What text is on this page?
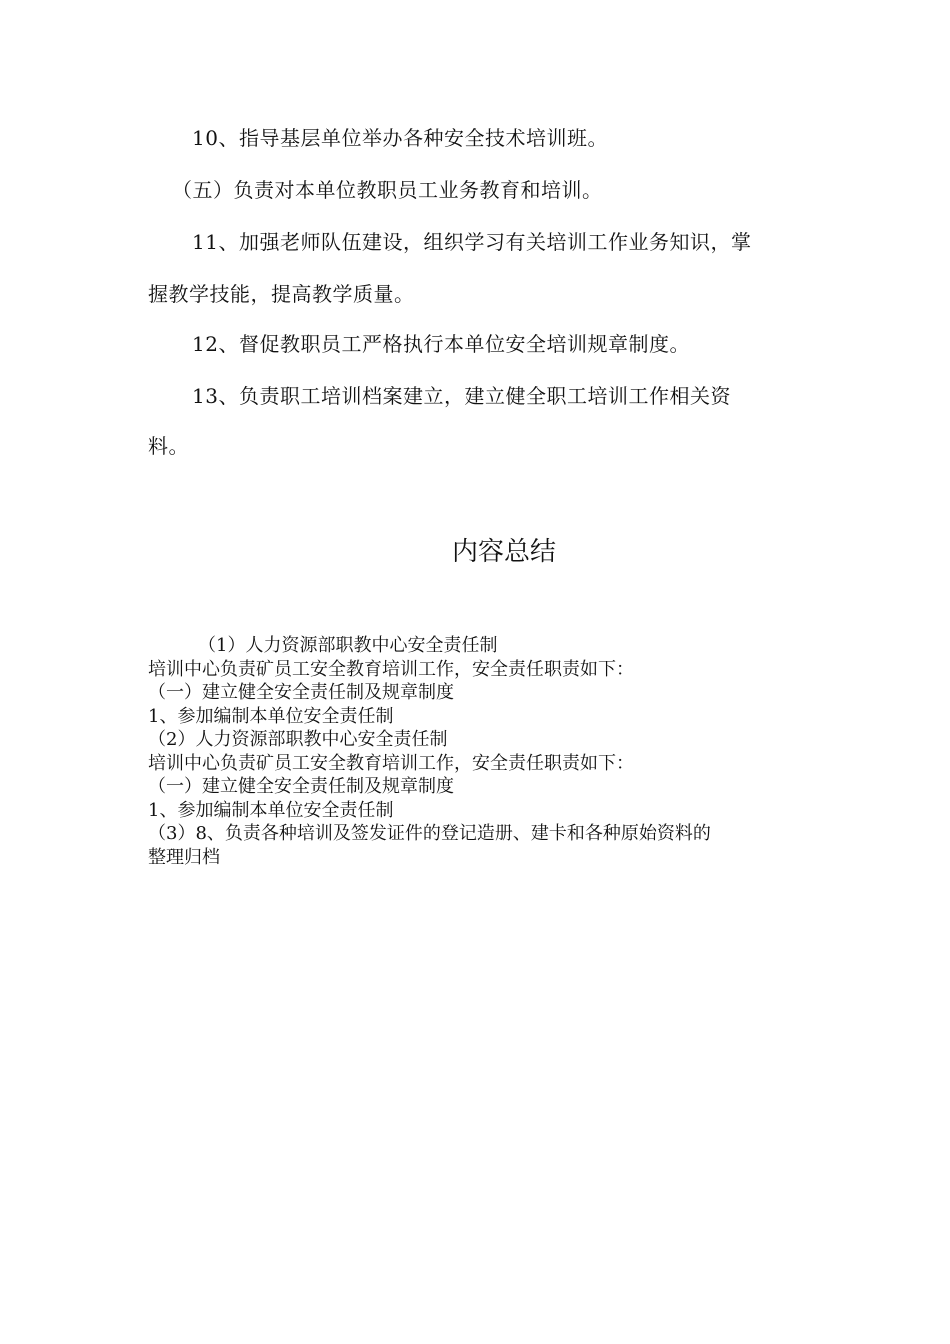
10、指导基层单位举办各种安全技术培训班。
（五）负责对本单位教职员工业务教育和培训。
11、加强老师队伍建设，组织学习有关培训工作业务知识，掌
握教学技能，提高教学质量。
12、督促教职员工严格执行本单位安全培训规章制度。
13、负责职工培训档案建立，建立健全职工培训工作相关资
料。
内容总结
（1）人力资源部职教中心安全责任制
培训中心负责矿员工安全教育培训工作，安全责任职责如下：
（一）建立健全安全责任制及规章制度
1、参加编制本单位安全责任制
（2）人力资源部职教中心安全责任制
培训中心负责矿员工安全教育培训工作，安全责任职责如下：
（一）建立健全安全责任制及规章制度
1、参加编制本单位安全责任制
（3）8、负责各种培训及签发证件的登记造册、建卡和各种原始资料的
整理归档
